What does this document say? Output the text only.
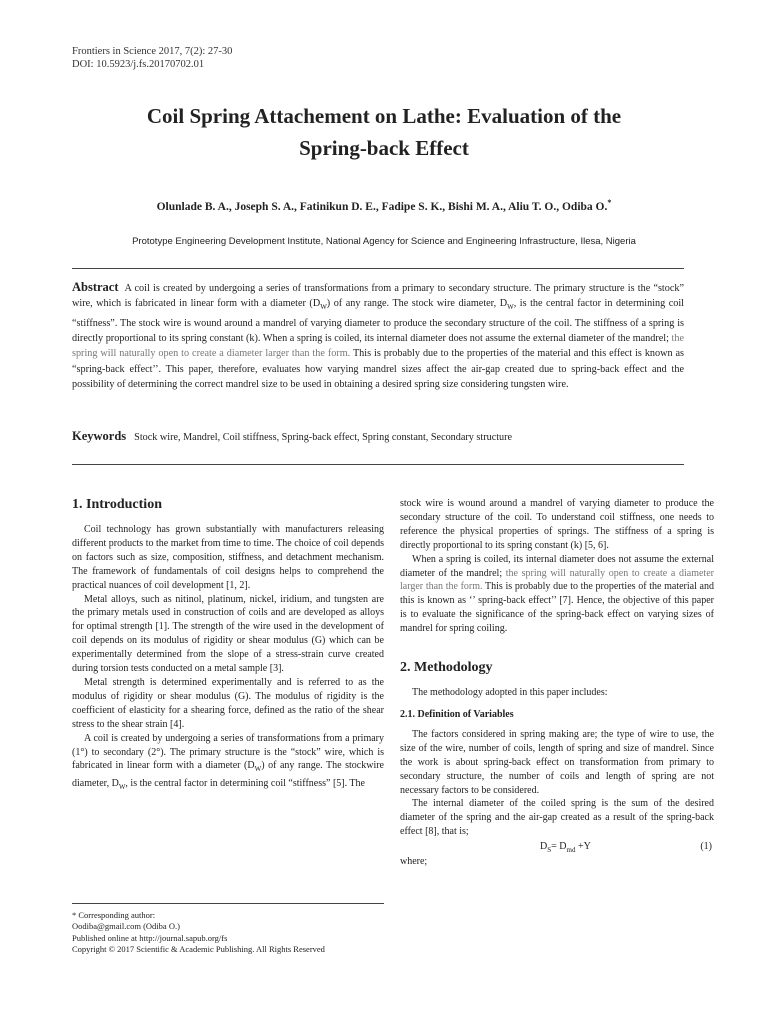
Frontiers in Science 2017, 7(2): 27-30
DOI: 10.5923/j.fs.20170702.01
Coil Spring Attachement on Lathe: Evaluation of the
Spring-back Effect
Olunlade B. A., Joseph S. A., Fatinikun D. E., Fadipe S. K., Bishi M. A., Aliu T. O., Odiba O.*
Prototype Engineering Development Institute, National Agency for Science and Engineering Infrastructure, Ilesa, Nigeria
Abstract A coil is created by undergoing a series of transformations from a primary to secondary structure. The primary structure is the “stock” wire, which is fabricated in linear form with a diameter $(D_W)$ of any range. The stock wire diameter, $D_W$, is the central factor in determining coil “stiffness”. The stock wire is wound around a mandrel of varying diameter to produce the secondary structure of the coil. The stiffness of a spring is directly proportional to its spring constant (k). When a spring is coiled, its internal diameter does not assume the external diameter of the mandrel; the spring will naturally open to create a diameter larger than the form. This is probably due to the properties of the material and this effect is known as “spring-back effect’’. This paper, therefore, evaluates how varying mandrel sizes affect the air-gap created due to spring-back effect and the possibility of determining the correct mandrel size to be used in obtaining a desired spring size considering tungsten wire.
Keywords Stock wire, Mandrel, Coil stiffness, Spring-back effect, Spring constant, Secondary structure
1. Introduction

Coil technology has grown substantially with manufacturers releasing different products to the market from time to time. The choice of coil depends on factors such as size, composition, stiffness, and detachment mechanism. The framework of fundamentals of coil designs helps to comprehend the practical nuances of coil development [1, 2].

Metal alloys, such as nitinol, platinum, nickel, iridium, and tungsten are the primary metals used in construction of coils and are developed as alloys for optimal strength [1]. The strength of the wire used in the development of coil depends on its modulus of rigidity or shear modulus (G) which can be experimentally determined from the slope of a stress-strain curve created during torsion tests conducted on a metal sample [3].

Metal strength is determined experimentally and is referred to as the modulus of rigidity or shear modulus (G). The modulus of rigidity is the coefficient of elasticity for a shearing force, defined as the ratio of the shear stress to the shear strain [4].

A coil is created by undergoing a series of transformations from a primary (1°) to secondary (2°). The primary structure is the “stock” wire, which is fabricated in linear form with a diameter $(D_W)$ of any range. The stockwire diameter, $D_W$, is the central factor in determining coil “stiffness” [5]. The

stock wire is wound around a mandrel of varying diameter to produce the secondary structure of the coil. To understand coil stiffness, one needs to reference the physical properties of springs. The stiffness of a spring is directly proportional to its spring constant (k) [5, 6].

When a spring is coiled, its internal diameter does not assume the external diameter of the mandrel; the spring will naturally open to create a diameter larger than the form. This is probably due to the properties of the material and this is known as ‘’ spring-back effect’’ [7]. Hence, the objective of this paper is to evaluate the significance of the spring-back effect on varying sizes of mandrel for spring coiling.

2. Methodology

The methodology adopted in this paper includes:

2.1. Definition of Variables

The factors considered in spring making are; the type of wire to use, the size of the wire, number of coils, length of spring and size of mandrel. Since the work is about spring-back effect on transformation from primary to secondary structure, the number of coils and length of spring are not necessary factors to be considered.

The internal diameter of the coiled spring is the sum of the desired diameter of the spring and the air-gap created as a result of the spring-back effect [8], that is;

$D_S= D_{md} +Y$	(1)

where;

* Corresponding author:
Oodiba@gmail.com (Odiba O.)
Published online at http://journal.sapub.org/fs
Copyright © 2017 Scientific & Academic Publishing. All Rights Reserved
